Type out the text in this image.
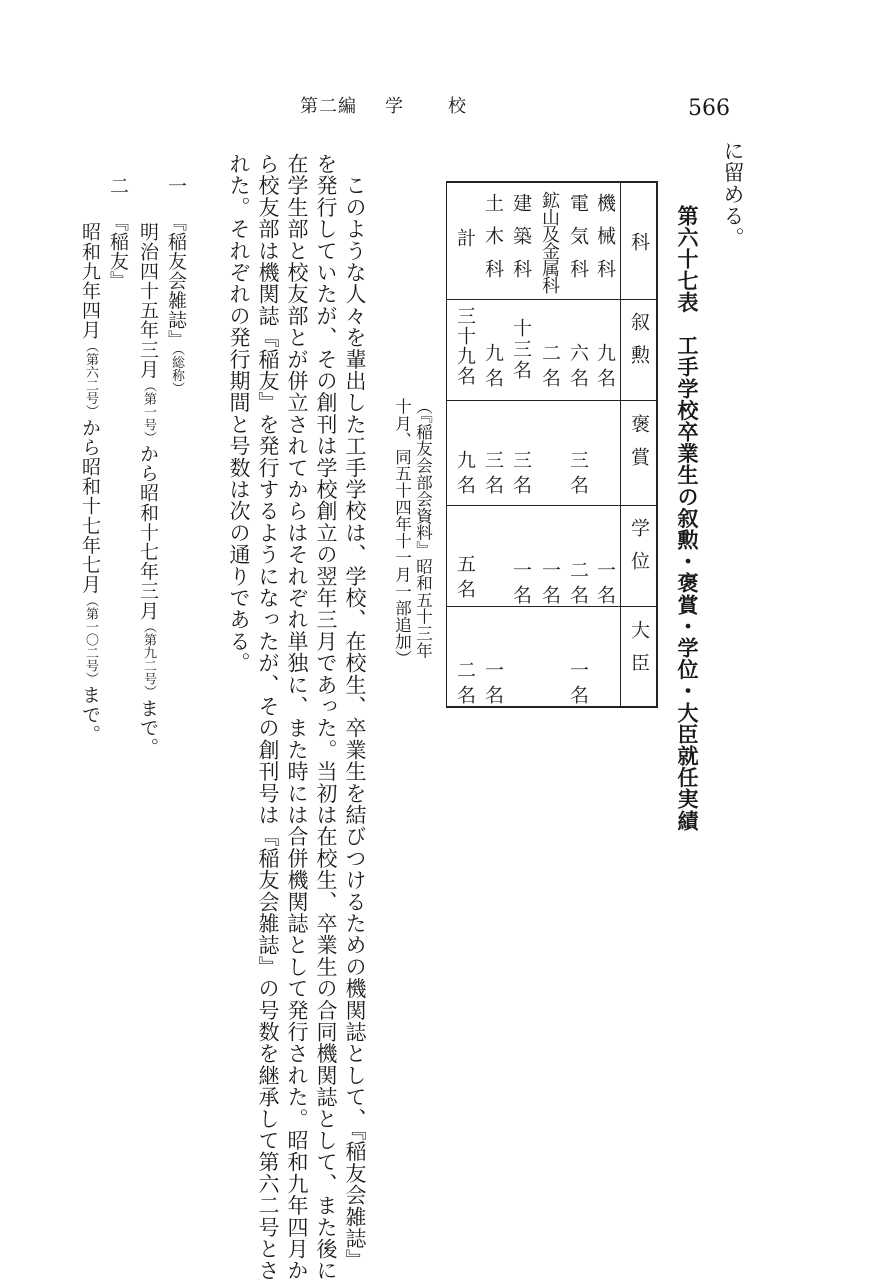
第二編 学 校	566
に留める。
第六十七表　工手学校卒業生の叙勲・褒賞・学位・大臣就任実績
科
叙勲
褒賞
学位
大臣
機械科
電気科
鉱山及金属科
建築科
土木科
計
九名
六名
二名
十三名
九名
三十九名
三名
三名
三名
九名
一名
二名
一名
一名
五名
一名
一名
二名
（『稲友会部会資料』昭和五十三年
十月、同五十四年十一月一部追加）
　このような人々を輩出した工手学校は、学校、在校生、卒業生を結びつけるための機関誌として、『稲友会雑誌』
を発行していたが、その創刊は学校創立の翌年三月であった。当初は在校生、卒業生の合同機関誌として、また後に
在学生部と校友部とが併立されてからはそれぞれ単独に、また時には合併機関誌として発行された。昭和九年四月か
ら校友部は機関誌『稲友』を発行するようになったが、その創刊号は『稲友会雑誌』の号数を継承して第六二号とさ
れた。それぞれの発行期間と号数は次の通りである。
一
『稲友会雑誌』（総称）
明治四十五年三月（第一号）から昭和十七年三月（第九二号）まで。
二
『稲友』
昭和九年四月（第六二号）から昭和十七年七月（第一〇二号）まで。
